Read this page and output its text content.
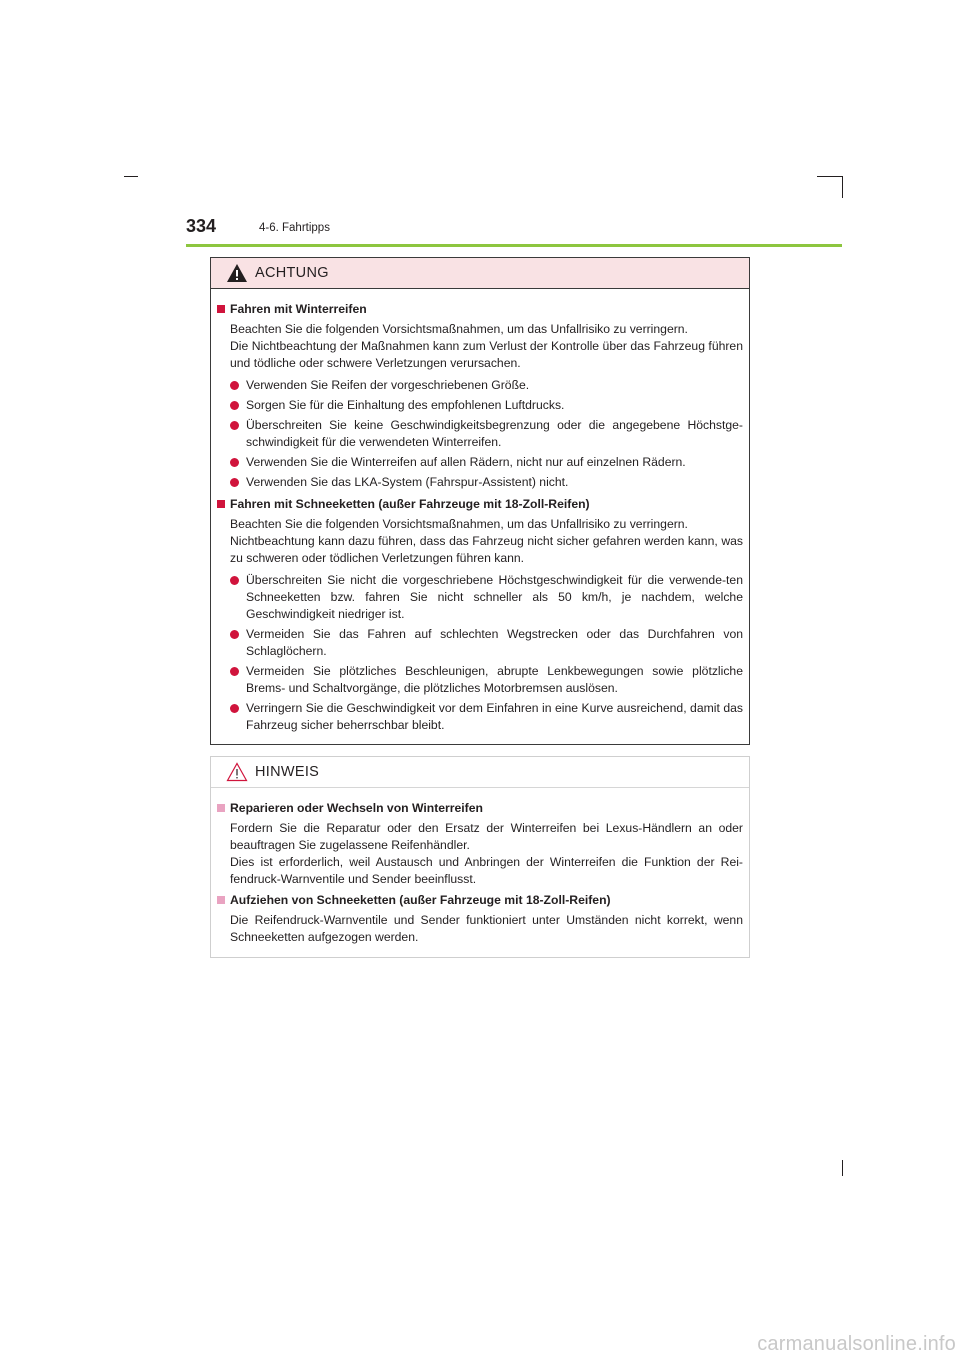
334	4-6. Fahrtipps
ACHTUNG
Fahren mit Winterreifen
Beachten Sie die folgenden Vorsichtsmaßnahmen, um das Unfallrisiko zu verringern.
Die Nichtbeachtung der Maßnahmen kann zum Verlust der Kontrolle über das Fahrzeug führen und tödliche oder schwere Verletzungen verursachen.
Verwenden Sie Reifen der vorgeschriebenen Größe.
Sorgen Sie für die Einhaltung des empfohlenen Luftdrucks.
Überschreiten Sie keine Geschwindigkeitsbegrenzung oder die angegebene Höchstge-schwindigkeit für die verwendeten Winterreifen.
Verwenden Sie die Winterreifen auf allen Rädern, nicht nur auf einzelnen Rädern.
Verwenden Sie das LKA-System (Fahrspur-Assistent) nicht.
Fahren mit Schneeketten (außer Fahrzeuge mit 18-Zoll-Reifen)
Beachten Sie die folgenden Vorsichtsmaßnahmen, um das Unfallrisiko zu verringern.
Nichtbeachtung kann dazu führen, dass das Fahrzeug nicht sicher gefahren werden kann, was zu schweren oder tödlichen Verletzungen führen kann.
Überschreiten Sie nicht die vorgeschriebene Höchstgeschwindigkeit für die verwende-ten Schneeketten bzw. fahren Sie nicht schneller als 50 km/h, je nachdem, welche Geschwindigkeit niedriger ist.
Vermeiden Sie das Fahren auf schlechten Wegstrecken oder das Durchfahren von Schlaglöchern.
Vermeiden Sie plötzliches Beschleunigen, abrupte Lenkbewegungen sowie plötzliche Brems- und Schaltvorgänge, die plötzliches Motorbremsen auslösen.
Verringern Sie die Geschwindigkeit vor dem Einfahren in eine Kurve ausreichend, damit das Fahrzeug sicher beherrschbar bleibt.
HINWEIS
Reparieren oder Wechseln von Winterreifen
Fordern Sie die Reparatur oder den Ersatz der Winterreifen bei Lexus-Händlern an oder beauftragen Sie zugelassene Reifenhändler.
Dies ist erforderlich, weil Austausch und Anbringen der Winterreifen die Funktion der Rei-fendruck-Warnventile und Sender beeinflusst.
Aufziehen von Schneeketten (außer Fahrzeuge mit 18-Zoll-Reifen)
Die Reifendruck-Warnventile und Sender funktioniert unter Umständen nicht korrekt, wenn Schneeketten aufgezogen werden.
carmanualsonline.info
